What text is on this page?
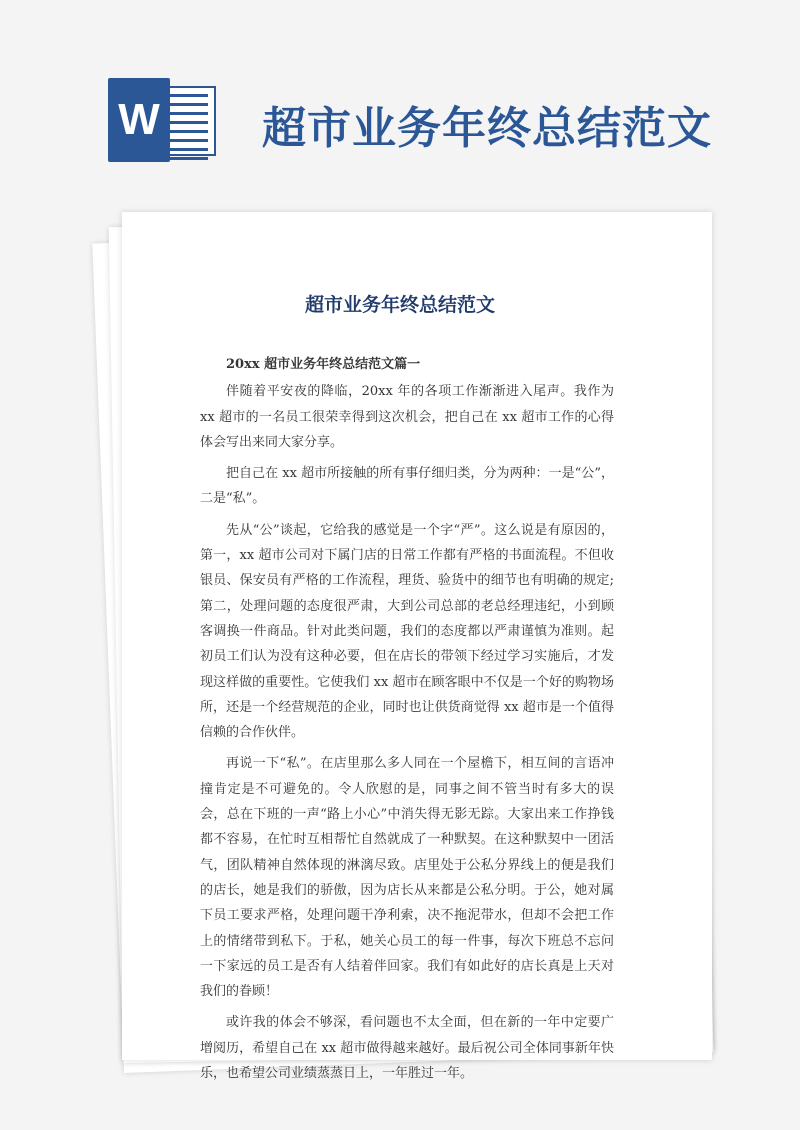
W 超市业务年终总结范文
超市业务年终总结范文

20xx 超市业务年终总结范文篇一

伴随着平安夜的降临，20xx 年的各项工作渐渐进入尾声。我作为 xx 超市的一名员工很荣幸得到这次机会，把自己在 xx 超市工作的心得体会写出来同大家分享。

把自己在 xx 超市所接触的所有事仔细归类，分为两种：一是“公”，二是“私”。

先从“公”谈起，它给我的感觉是一个字“严”。这么说是有原因的，第一，xx 超市公司对下属门店的日常工作都有严格的书面流程。不但收银员、保安员有严格的工作流程，理货、验货中的细节也有明确的规定; 第二，处理问题的态度很严肃，大到公司总部的老总经理违纪，小到顾客调换一件商品。针对此类问题，我们的态度都以严肃谨慎为准则。起初员工们认为没有这种必要，但在店长的带领下经过学习实施后，才发现这样做的重要性。它使我们 xx 超市在顾客眼中不仅是一个好的购物场所，还是一个经营规范的企业，同时也让供货商觉得 xx 超市是一个值得信赖的合作伙伴。

再说一下“私”。在店里那么多人同在一个屋檐下，相互间的言语冲撞肯定是不可避免的。令人欣慰的是，同事之间不管当时有多大的误会，总在下班的一声“路上小心”中消失得无影无踪。大家出来工作挣钱都不容易，在忙时互相帮忙自然就成了一种默契。在这种默契中一团活气，团队精神自然体现的淋漓尽致。店里处于公私分界线上的便是我们的店长，她是我们的骄傲，因为店长从来都是公私分明。于公，她对属下员工要求严格，处理问题干净利索，决不拖泥带水，但却不会把工作上的情绪带到私下。于私，她关心员工的每一件事，每次下班总不忘问一下家远的员工是否有人结着伴回家。我们有如此好的店长真是上天对我们的眷顾！

或许我的体会不够深，看问题也不太全面，但在新的一年中定要广增阅历，希望自己在 xx 超市做得越来越好。最后祝公司全体同事新年快乐，也希望公司业绩蒸蒸日上，一年胜过一年。
